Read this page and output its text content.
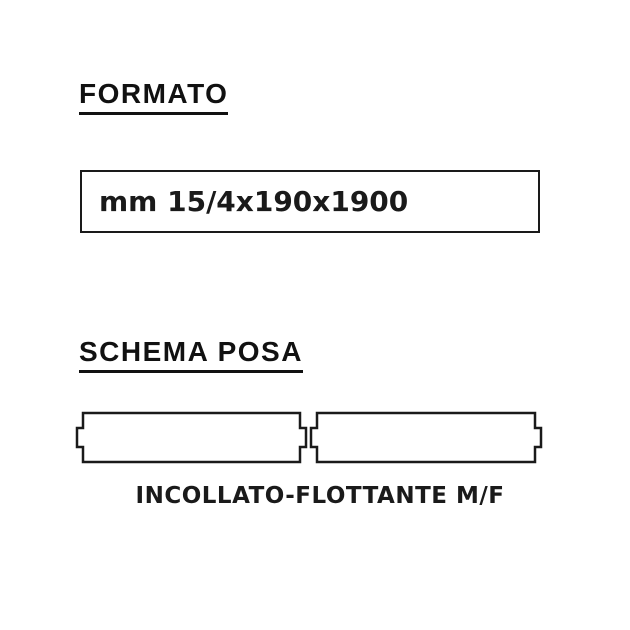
FORMATO
mm 15/4x190x1900
SCHEMA POSA
INCOLLATO-FLOTTANTE M/F
